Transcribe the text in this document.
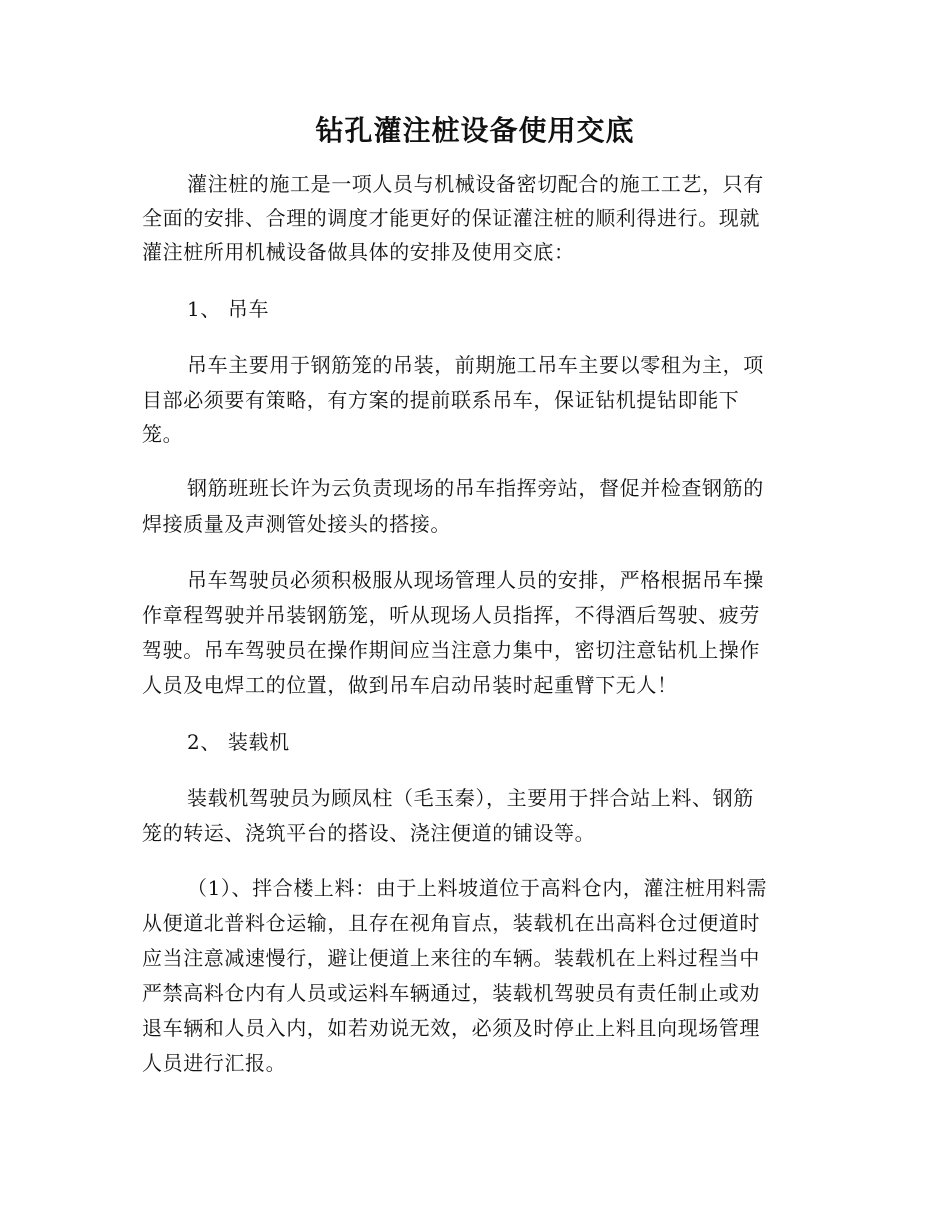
钻孔灌注桩设备使用交底
灌注桩的施工是一项人员与机械设备密切配合的施工工艺，只有
全面的安排、合理的调度才能更好的保证灌注桩的顺利得进行。现就
灌注桩所用机械设备做具体的安排及使用交底：
1、 吊车
吊车主要用于钢筋笼的吊装，前期施工吊车主要以零租为主，项
目部必须要有策略，有方案的提前联系吊车，保证钻机提钻即能下
笼。
钢筋班班长许为云负责现场的吊车指挥旁站，督促并检查钢筋的
焊接质量及声测管处接头的搭接。
吊车驾驶员必须积极服从现场管理人员的安排，严格根据吊车操
作章程驾驶并吊装钢筋笼，听从现场人员指挥，不得酒后驾驶、疲劳
驾驶。吊车驾驶员在操作期间应当注意力集中，密切注意钻机上操作
人员及电焊工的位置，做到吊车启动吊装时起重臂下无人！
2、 装载机
装载机驾驶员为顾凤柱（毛玉秦），主要用于拌合站上料、钢筋
笼的转运、浇筑平台的搭设、浇注便道的铺设等。
（1）、拌合楼上料：由于上料坡道位于高料仓内，灌注桩用料需
从便道北普料仓运输，且存在视角盲点，装载机在出高料仓过便道时
应当注意减速慢行，避让便道上来往的车辆。装载机在上料过程当中
严禁高料仓内有人员或运料车辆通过，装载机驾驶员有责任制止或劝
退车辆和人员入内，如若劝说无效，必须及时停止上料且向现场管理
人员进行汇报。
